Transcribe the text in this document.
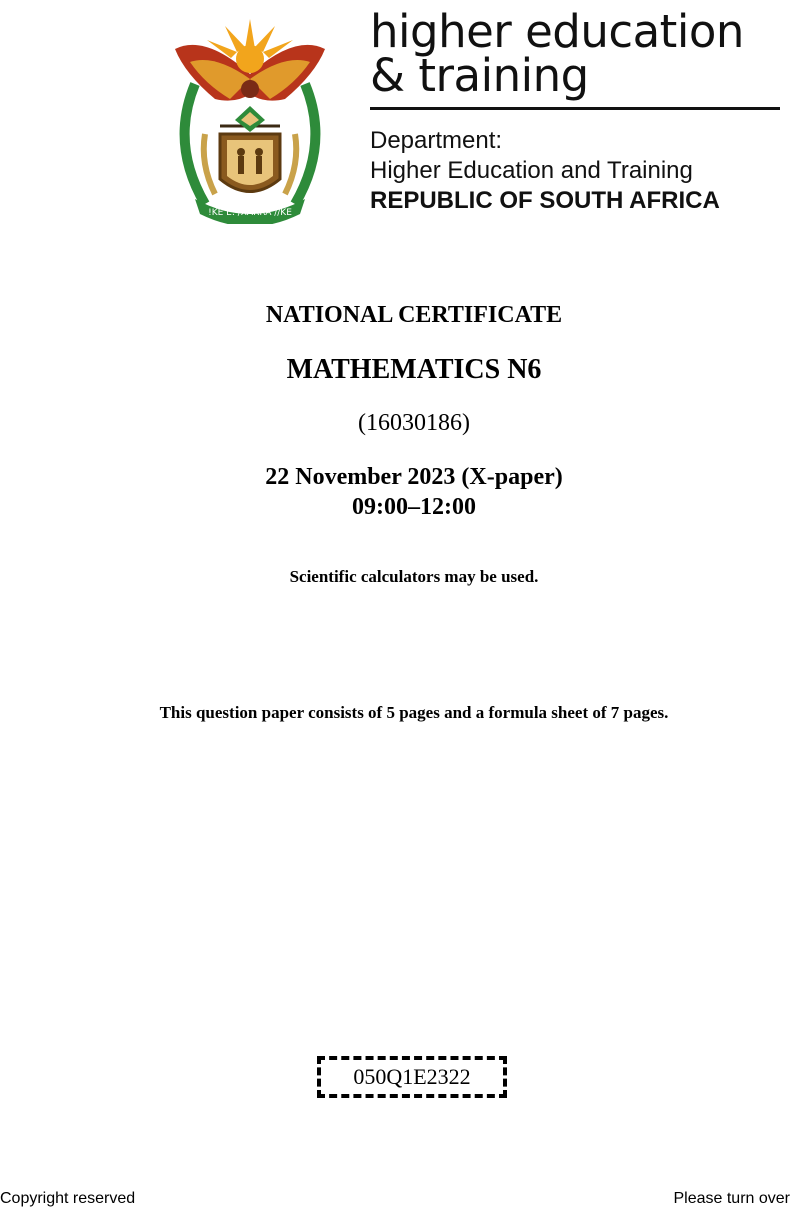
!KE E: /XARRA //KE
higher education
& training
Department:
Higher Education and Training
REPUBLIC OF SOUTH AFRICA
NATIONAL CERTIFICATE
MATHEMATICS N6
(16030186)
22 November 2023 (X-paper)
09:00–12:00
Scientific calculators may be used.
This question paper consists of 5 pages and a formula sheet of 7 pages.
050Q1E2322
Copyright reserved	Please turn over
